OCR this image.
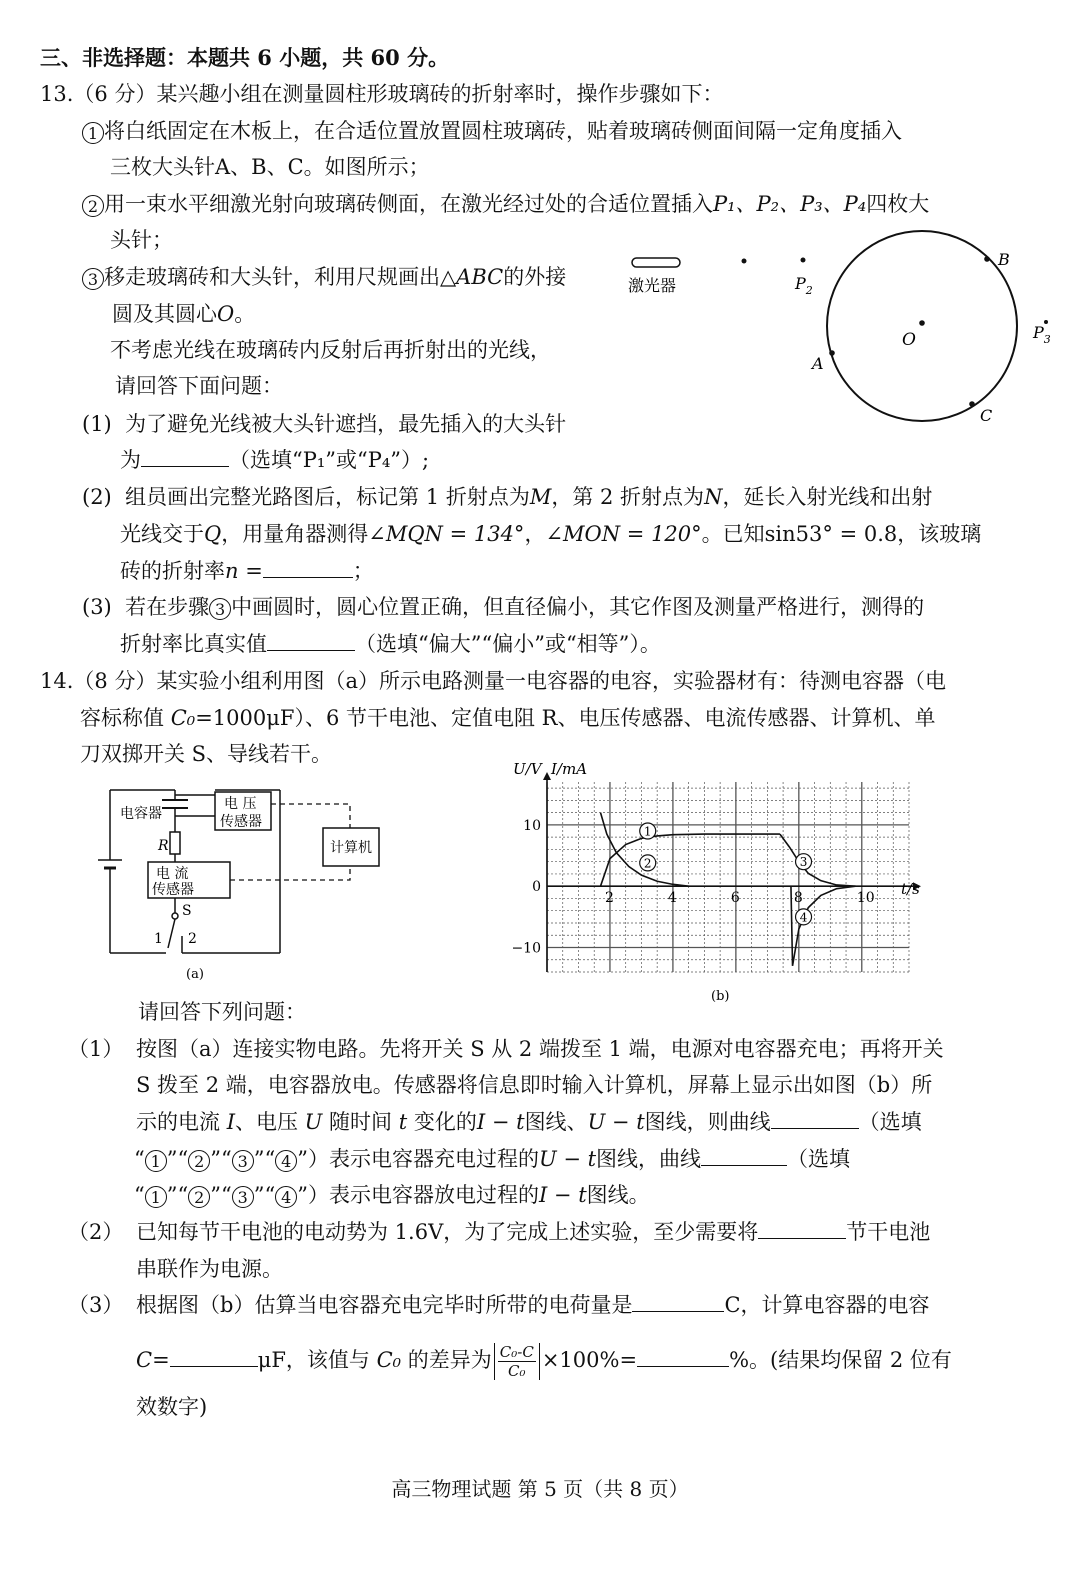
三、非选择题：本题共 6 小题，共 60 分。
13.（6 分）某兴趣小组在测量圆柱形玻璃砖的折射率时，操作步骤如下：
1 将白纸固定在木板上，在合适位置放置圆柱玻璃砖，贴着玻璃砖侧面间隔一定角度插入
三枚大头针A、B、C。如图所示；
2 用一束水平细激光射向玻璃砖侧面，在激光经过处的合适位置插入P₁、P₂、P₃、P₄四枚大
头针；
3 移走玻璃砖和大头针，利用尺规画出△ABC的外接
圆及其圆心O。
不考虑光线在玻璃砖内反射后再折射出的光线，
请回答下面问题：
激光器	$P_2$
O
B
A
C
$P_3$
(1) 为了避免光线被大头针遮挡，最先插入的大头针
为	（选填“P₁”或“P₄”）;
(2) 组员画出完整光路图后，标记第 1 折射点为M，第 2 折射点为N，延长入射光线和出射
光线交于Q，用量角器测得∠MQN = 134°，∠MON = 120°。已知sin53° = 0.8，该玻璃
砖的折射率n =	；
(3) 若在步骤 3 中画圆时，圆心位置正确，但直径偏小，其它作图及测量严格进行，测得的
折射率比真实值	（选填“偏大”“偏小”或“相等”）。
14.（8 分）某实验小组利用图（a）所示电路测量一电容器的电容，实验器材有：待测电容器（电
容标称值 C₀=1000μF）、6 节干电池、定值电阻 R、电压传感器、电流传感器、计算机、单
刀双掷开关 S、导线若干。
电容器
电 压
传感器
计算机
R
电 流
传感器
S
1 2
(a)
2	4	6	8	10
10
0
−10
1
2	3
4
U/V I/mA
t/s
(b)
请回答下列问题：
（1） 按图（a）连接实物电路。先将开关 S 从 2 端拨至 1 端，电源对电容器充电；再将开关
S 拨至 2 端，电容器放电。传感器将信息即时输入计算机，屏幕上显示出如图（b）所
示的电流 I、电压 U 随时间 t 变化的I − t图线、U − t图线，则曲线	（选填
“ 1 ”“ 2 ”“ 3 ”“ 4 ”）表示电容器充电过程的U − t图线，曲线	（选填
“ 1 ”“ 2 ”“ 3 ”“ 4 ”）表示电容器放电过程的I − t图线。
（2） 已知每节干电池的电动势为 1.6V，为了完成上述实验，至少需要将	节干电池
串联作为电源。
（3） 根据图（b）估算当电容器充电完毕时所带的电荷量是	C，计算电容器的电容
C=	μF，该值与 C₀ 的差异为 $\frac{\text{C₀-C}}{\text{C₀}} \times 100\%=$	%。(结果均保留 2 位有
效数字)
高三物理试题 第 5 页（共 8 页）
